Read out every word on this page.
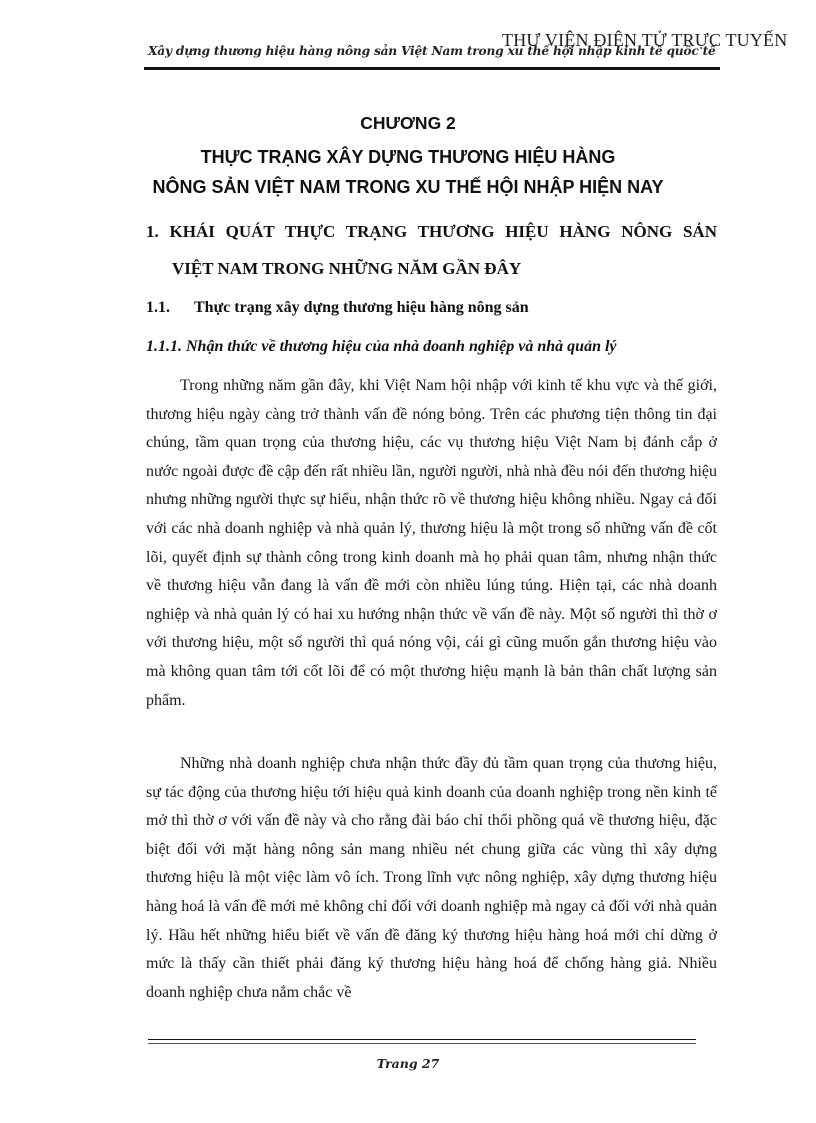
Xây dựng thương hiệu hàng nông sản Việt Nam trong xu thế hội nhập kinh tế quốc tế
THƯ VIỆN ĐIỆN TỬ TRỰC TUYẾN
CHƯƠNG 2
THỰC TRẠNG XÂY DỰNG THƯƠNG HIỆU HÀNG
NÔNG SẢN VIỆT NAM TRONG XU THẾ HỘI NHẬP HIỆN NAY
1. KHÁI QUÁT THỰC TRẠNG THƯƠNG HIỆU HÀNG NÔNG SẢN
VIỆT NAM TRONG NHỮNG NĂM GẦN ĐÂY
1.1. Thực trạng xây dựng thương hiệu hàng nông sản
1.1.1. Nhận thức về thương hiệu của nhà doanh nghiệp và nhà quản lý

Trong những năm gần đây, khi Việt Nam hội nhập với kinh tế khu vực và thế giới, thương hiệu ngày càng trở thành vấn đề nóng bỏng. Trên các phương tiện thông tin đại chúng, tầm quan trọng của thương hiệu, các vụ thương hiệu Việt Nam bị đánh cắp ở nước ngoài được đề cập đến rất nhiều lần, người người, nhà nhà đều nói đến thương hiệu nhưng những người thực sự hiểu, nhận thức rõ về thương hiệu không nhiều. Ngay cả đối với các nhà doanh nghiệp và nhà quản lý, thương hiệu là một trong số những vấn đề cốt lõi, quyết định sự thành công trong kinh doanh mà họ phải quan tâm, nhưng nhận thức về thương hiệu vẫn đang là vấn đề mới còn nhiều lúng túng. Hiện tại, các nhà doanh nghiệp và nhà quản lý có hai xu hướng nhận thức về vấn đề này. Một số người thì thờ ơ với thương hiệu, một số người thì quá nóng vội, cái gì cũng muốn gắn thương hiệu vào mà không quan tâm tới cốt lõi để có một thương hiệu mạnh là bản thân chất lượng sản phẩm.

Những nhà doanh nghiệp chưa nhận thức đầy đủ tầm quan trọng của thương hiệu, sự tác động của thương hiệu tới hiệu quả kinh doanh của doanh nghiệp trong nền kinh tế mở thì thờ ơ với vấn đề này và cho rằng đài báo chỉ thổi phồng quá về thương hiệu, đặc biệt đối với mặt hàng nông sản mang nhiều nét chung giữa các vùng thì xây dựng thương hiệu là một việc làm vô ích. Trong lĩnh vực nông nghiệp, xây dựng thương hiệu hàng hoá là vấn đề mới mẻ không chỉ đối với doanh nghiệp mà ngay cả đối với nhà quản lý. Hầu hết những hiểu biết về vấn đề đăng ký thương hiệu hàng hoá mới chỉ dừng ở mức là thấy cần thiết phải đăng ký thương hiệu hàng hoá để chống hàng giả. Nhiều doanh nghiệp chưa nắm chắc về

Trang 27
